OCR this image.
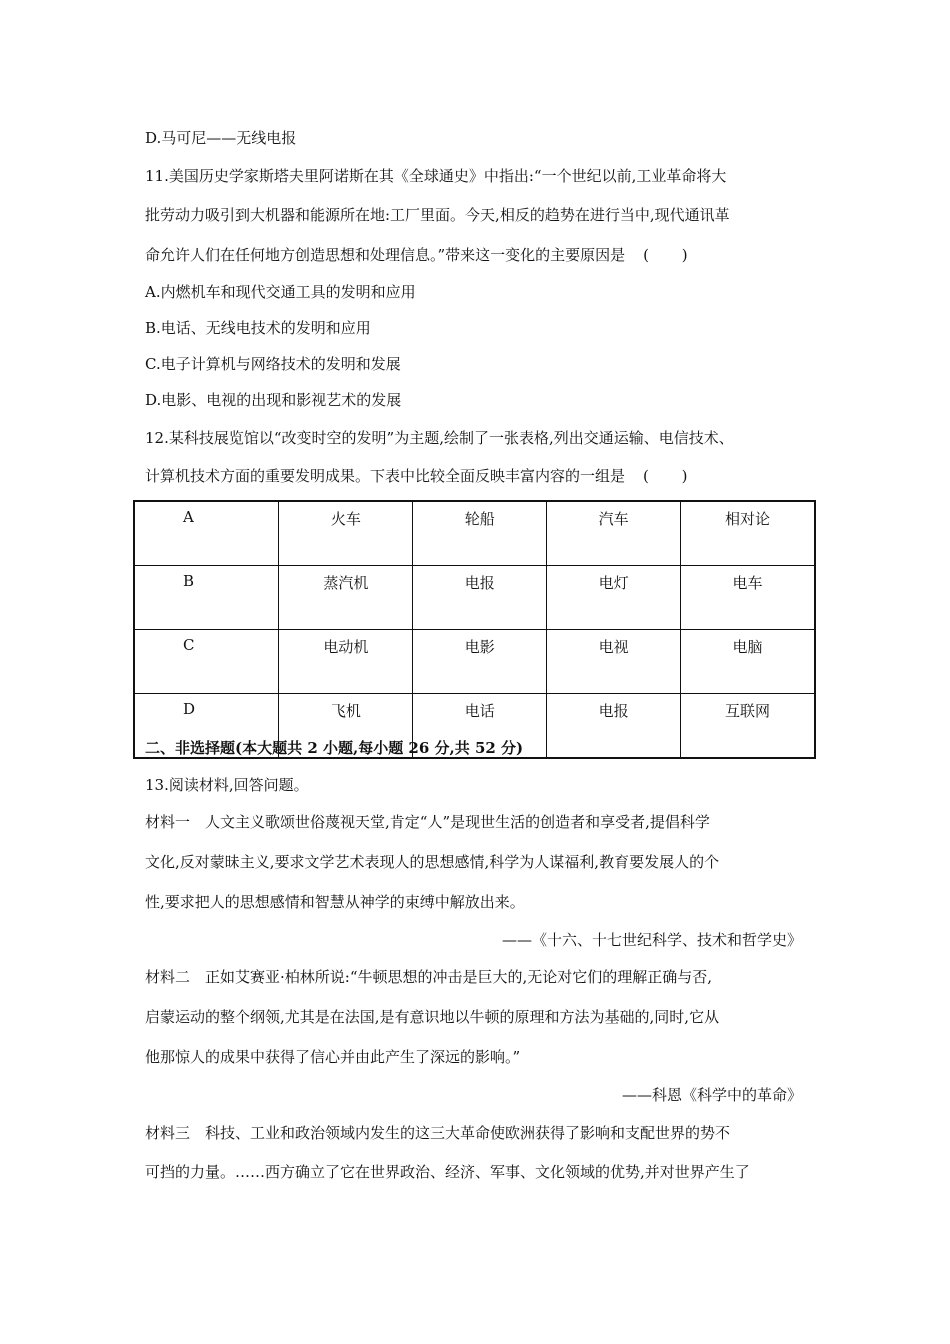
D.马可尼——无线电报
11.美国历史学家斯塔夫里阿诺斯在其《全球通史》中指出:“一个世纪以前,工业革命将大
批劳动力吸引到大机器和能源所在地:工厂里面。今天,相反的趋势在进行当中,现代通讯革
命允许人们在任何地方创造思想和处理信息。”带来这一变化的主要原因是 ( )
A.内燃机车和现代交通工具的发明和应用
B.电话、无线电技术的发明和应用
C.电子计算机与网络技术的发明和发展
D.电影、电视的出现和影视艺术的发展
12.某科技展览馆以“改变时空的发明”为主题,绘制了一张表格,列出交通运输、电信技术、
计算机技术方面的重要发明成果。下表中比较全面反映丰富内容的一组是 ( )
A	火车	轮船	汽车	相对论
B	蒸汽机	电报	电灯	电车
C	电动机	电影	电视	电脑
D	飞机	电话	电报	互联网
二、非选择题(本大题共 2 小题,每小题 26 分,共 52 分)
13.阅读材料,回答问题。
材料一　人文主义歌颂世俗蔑视天堂,肯定“人”是现世生活的创造者和享受者,提倡科学
文化,反对蒙昧主义,要求文学艺术表现人的思想感情,科学为人谋福利,教育要发展人的个
性,要求把人的思想感情和智慧从神学的束缚中解放出来。
——《十六、十七世纪科学、技术和哲学史》
材料二　正如艾赛亚·柏林所说:“牛顿思想的冲击是巨大的,无论对它们的理解正确与否,
启蒙运动的整个纲领,尤其是在法国,是有意识地以牛顿的原理和方法为基础的,同时,它从
他那惊人的成果中获得了信心并由此产生了深远的影响。”
——科恩《科学中的革命》
材料三　科技、工业和政治领域内发生的这三大革命使欧洲获得了影响和支配世界的势不
可挡的力量。……西方确立了它在世界政治、经济、军事、文化领域的优势,并对世界产生了
